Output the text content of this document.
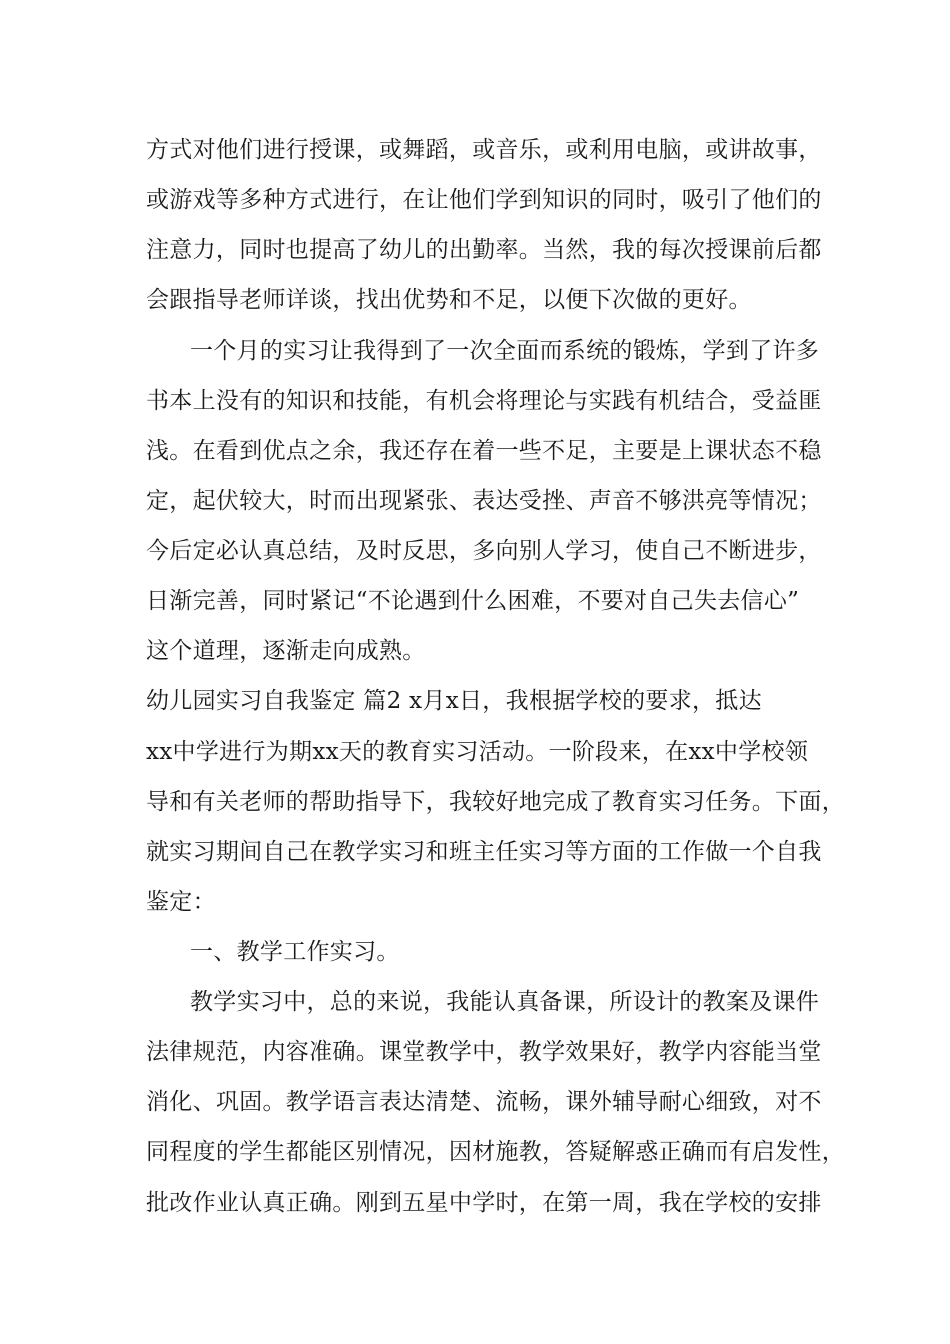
方式对他们进行授课，或舞蹈，或音乐，或利用电脑，或讲故事，
或游戏等多种方式进行，在让他们学到知识的同时，吸引了他们的
注意力，同时也提高了幼儿的出勤率。当然，我的每次授课前后都
会跟指导老师详谈，找出优势和不足，以便下次做的更好。
一个月的实习让我得到了一次全面而系统的锻炼，学到了许多
书本上没有的知识和技能，有机会将理论与实践有机结合，受益匪
浅。在看到优点之余，我还存在着一些不足，主要是上课状态不稳
定，起伏较大，时而出现紧张、表达受挫、声音不够洪亮等情况；
今后定必认真总结，及时反思，多向别人学习，使自己不断进步，
日渐完善，同时紧记“不论遇到什么困难，不要对自己失去信心”
这个道理，逐渐走向成熟。
幼儿园实习自我鉴定 篇2 x月x日，我根据学校的要求，抵达
xx中学进行为期xx天的教育实习活动。一阶段来，在xx中学校领
导和有关老师的帮助指导下，我较好地完成了教育实习任务。下面，
就实习期间自己在教学实习和班主任实习等方面的工作做一个自我
鉴定：
一、教学工作实习。
教学实习中，总的来说，我能认真备课，所设计的教案及课件
法律规范，内容准确。课堂教学中，教学效果好，教学内容能当堂
消化、巩固。教学语言表达清楚、流畅，课外辅导耐心细致，对不
同程度的学生都能区别情况，因材施教，答疑解惑正确而有启发性，
批改作业认真正确。刚到五星中学时，在第一周，我在学校的安排
